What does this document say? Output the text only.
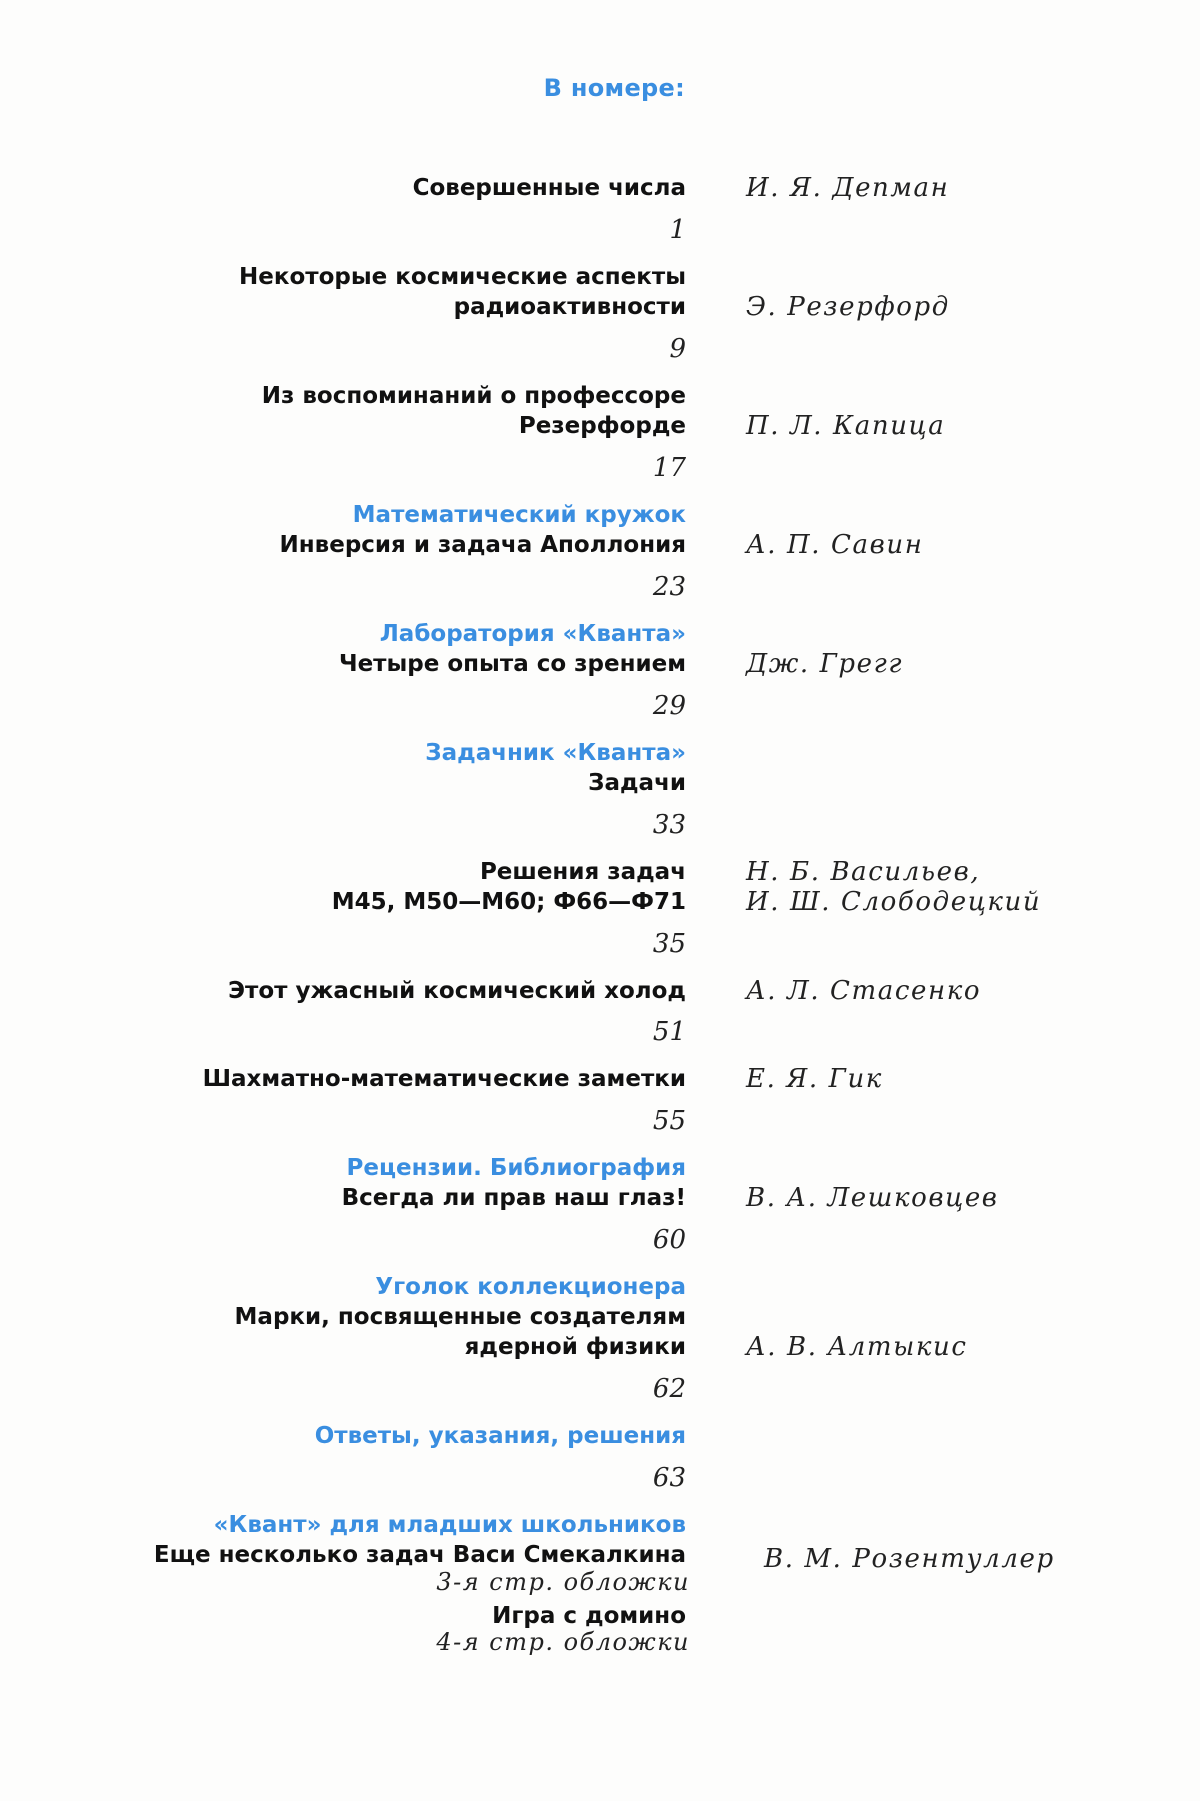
В номере:
Совершенные числа И. Я. Депман
1
Некоторые космические аспекты
радиоактивности Э. Резерфорд
9
Из воспоминаний о профессоре
Резерфорде П. Л. Капица
17
Математический кружок
Инверсия и задача Аполлония А. П. Савин
23
Лаборатория «Кванта»
Четыре опыта со зрением Дж. Грегг
29
Задачник «Кванта»
Задачи
33
Решения задач Н. Б. Васильев,
М45, М50—М60; Ф66—Ф71 И. Ш. Слободецкий
35
Этот ужасный космический холод А. Л. Стасенко
51
Шахматно-математические заметки Е. Я. Гик
55
Рецензии. Библиография
Всегда ли прав наш глаз! В. А. Лешковцев
60
Уголок коллекционера
Марки, посвященные создателям
ядерной физики А. В. Алтыкис
62
Ответы, указания, решения
63
«Квант» для младших школьников
Еще несколько задач Васи Смекалкина	В. М. Розентуллер
3-я стр. обложки
Игра с домино
4-я стр. обложки
